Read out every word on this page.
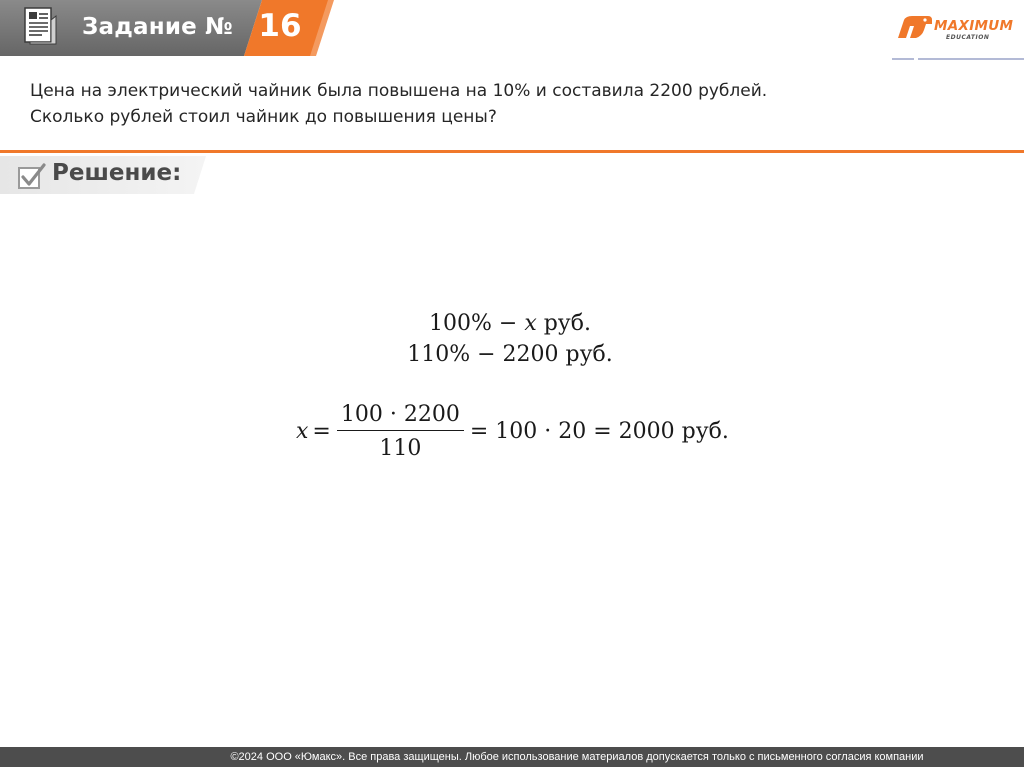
Задание № 16	MAXIMUM
EDUCATION

Цена на электрический чайник была повышена на 10% и составила 2200 рублей.

Сколько рублей стоил чайник до повышения цены?

Решение:
100% − x руб.
110% − 2200 руб.
$x = \frac{100 \cdot 2200}{110} = 100 \cdot 20 = 2000$ руб.
©2024 ООО «Юмакс». Все права защищены. Любое использование материалов допускается только с письменного согласия компании
